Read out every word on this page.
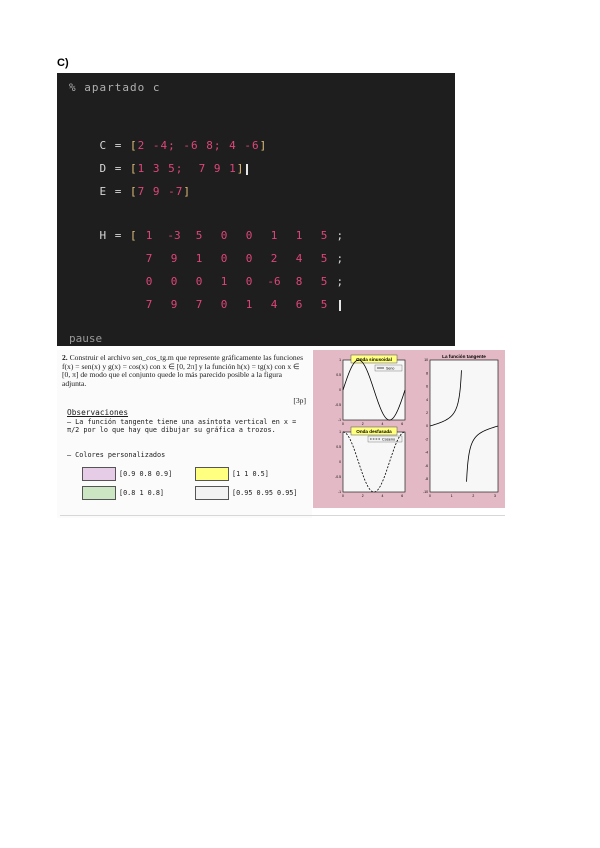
C)
% apartado c

C = [2 -4; -6 8; 4 -6]

D = [1 3 5; 7 9 1]

E = [7 9 -7]

H = [
1 -3 5 0 0 1 1 5 ;

7 9 1 0 0 2 4 5 ;

0 0 0 1 0 -6 8 5 ;

7 9 7 0 1 4 6 5

pause
2. Construir el archivo sen_cos_tg.m que represente gráficamente las funciones f(x) = sen(x) y g(x) = cos(x) con x ∈ [0, 2π] y la función h(x) = tg(x) con x ∈ [0, π] de modo que el conjunto quede lo más parecido posible a la figura adjunta.
[3p]
Observaciones
– La función tangente tiene una asíntota vertical en x = π/2 por lo que hay que dibujar su gráfica a trozos.
– Colores personalizados
[0.9 0.8 0.9]	[1 1 0.5]
[0.8 1 0.8]	[0.95 0.95 0.95]
Onda sinusoidal
Onda desfasada
La función tangente
Seno
Coseno
1
0.5
0
-0.5
-1
0	2	4	6
1
0.5
0
-0.5
-1
0	2	4	6
10
8
6
4
2
0
-2
-4
-6
-8
-10
0	1	2	3
